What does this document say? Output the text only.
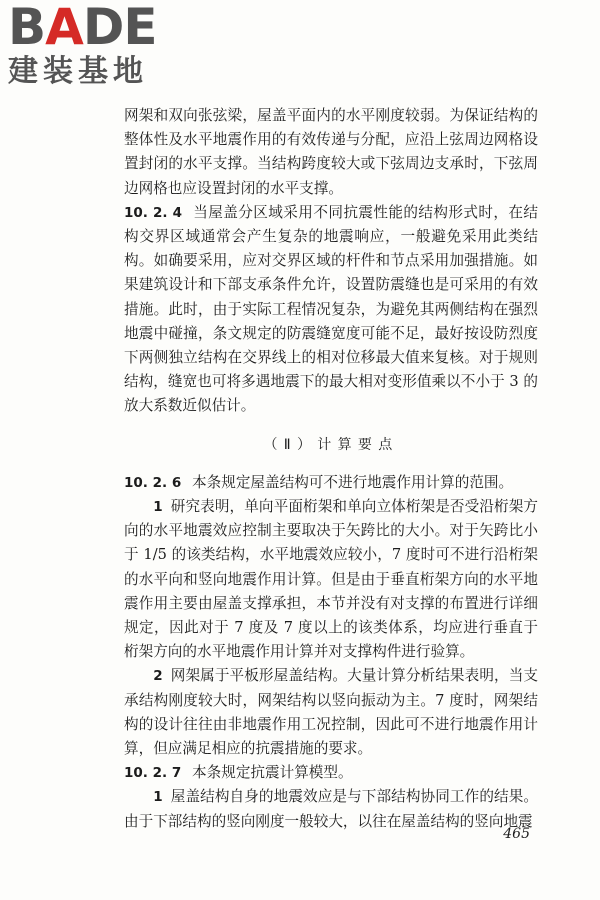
BADE
建装基地

网架和双向张弦梁，屋盖平面内的水平刚度较弱。为保证结构的整体性及水平地震作用的有效传递与分配，应沿上弦周边网格设置封闭的水平支撑。当结构跨度较大或下弦周边支承时，下弦周边网格也应设置封闭的水平支撑。

10. 2. 4 当屋盖分区域采用不同抗震性能的结构形式时，在结构交界区域通常会产生复杂的地震响应，一般避免采用此类结构。如确要采用，应对交界区域的杆件和节点采用加强措施。如果建筑设计和下部支承条件允许，设置防震缝也是可采用的有效措施。此时，由于实际工程情况复杂，为避免其两侧结构在强烈地震中碰撞，条文规定的防震缝宽度可能不足，最好按设防烈度下两侧独立结构在交界线上的相对位移最大值来复核。对于规则结构，缝宽也可将多遇地震下的最大相对变形值乘以不小于 3 的放大系数近似估计。

（Ⅱ）计算要点

10. 2. 6 本条规定屋盖结构可不进行地震作用计算的范围。

1 研究表明，单向平面桁架和单向立体桁架是否受沿桁架方向的水平地震效应控制主要取决于矢跨比的大小。对于矢跨比小于 1/5 的该类结构，水平地震效应较小，7 度时可不进行沿桁架的水平向和竖向地震作用计算。但是由于垂直桁架方向的水平地震作用主要由屋盖支撑承担，本节并没有对支撑的布置进行详细规定，因此对于 7 度及 7 度以上的该类体系，均应进行垂直于桁架方向的水平地震作用计算并对支撑构件进行验算。

2 网架属于平板形屋盖结构。大量计算分析结果表明，当支承结构刚度较大时，网架结构以竖向振动为主。7 度时，网架结构的设计往往由非地震作用工况控制，因此可不进行地震作用计算，但应满足相应的抗震措施的要求。

10. 2. 7 本条规定抗震计算模型。

1 屋盖结构自身的地震效应是与下部结构协同工作的结果。由于下部结构的竖向刚度一般较大，以往在屋盖结构的竖向地震

465
